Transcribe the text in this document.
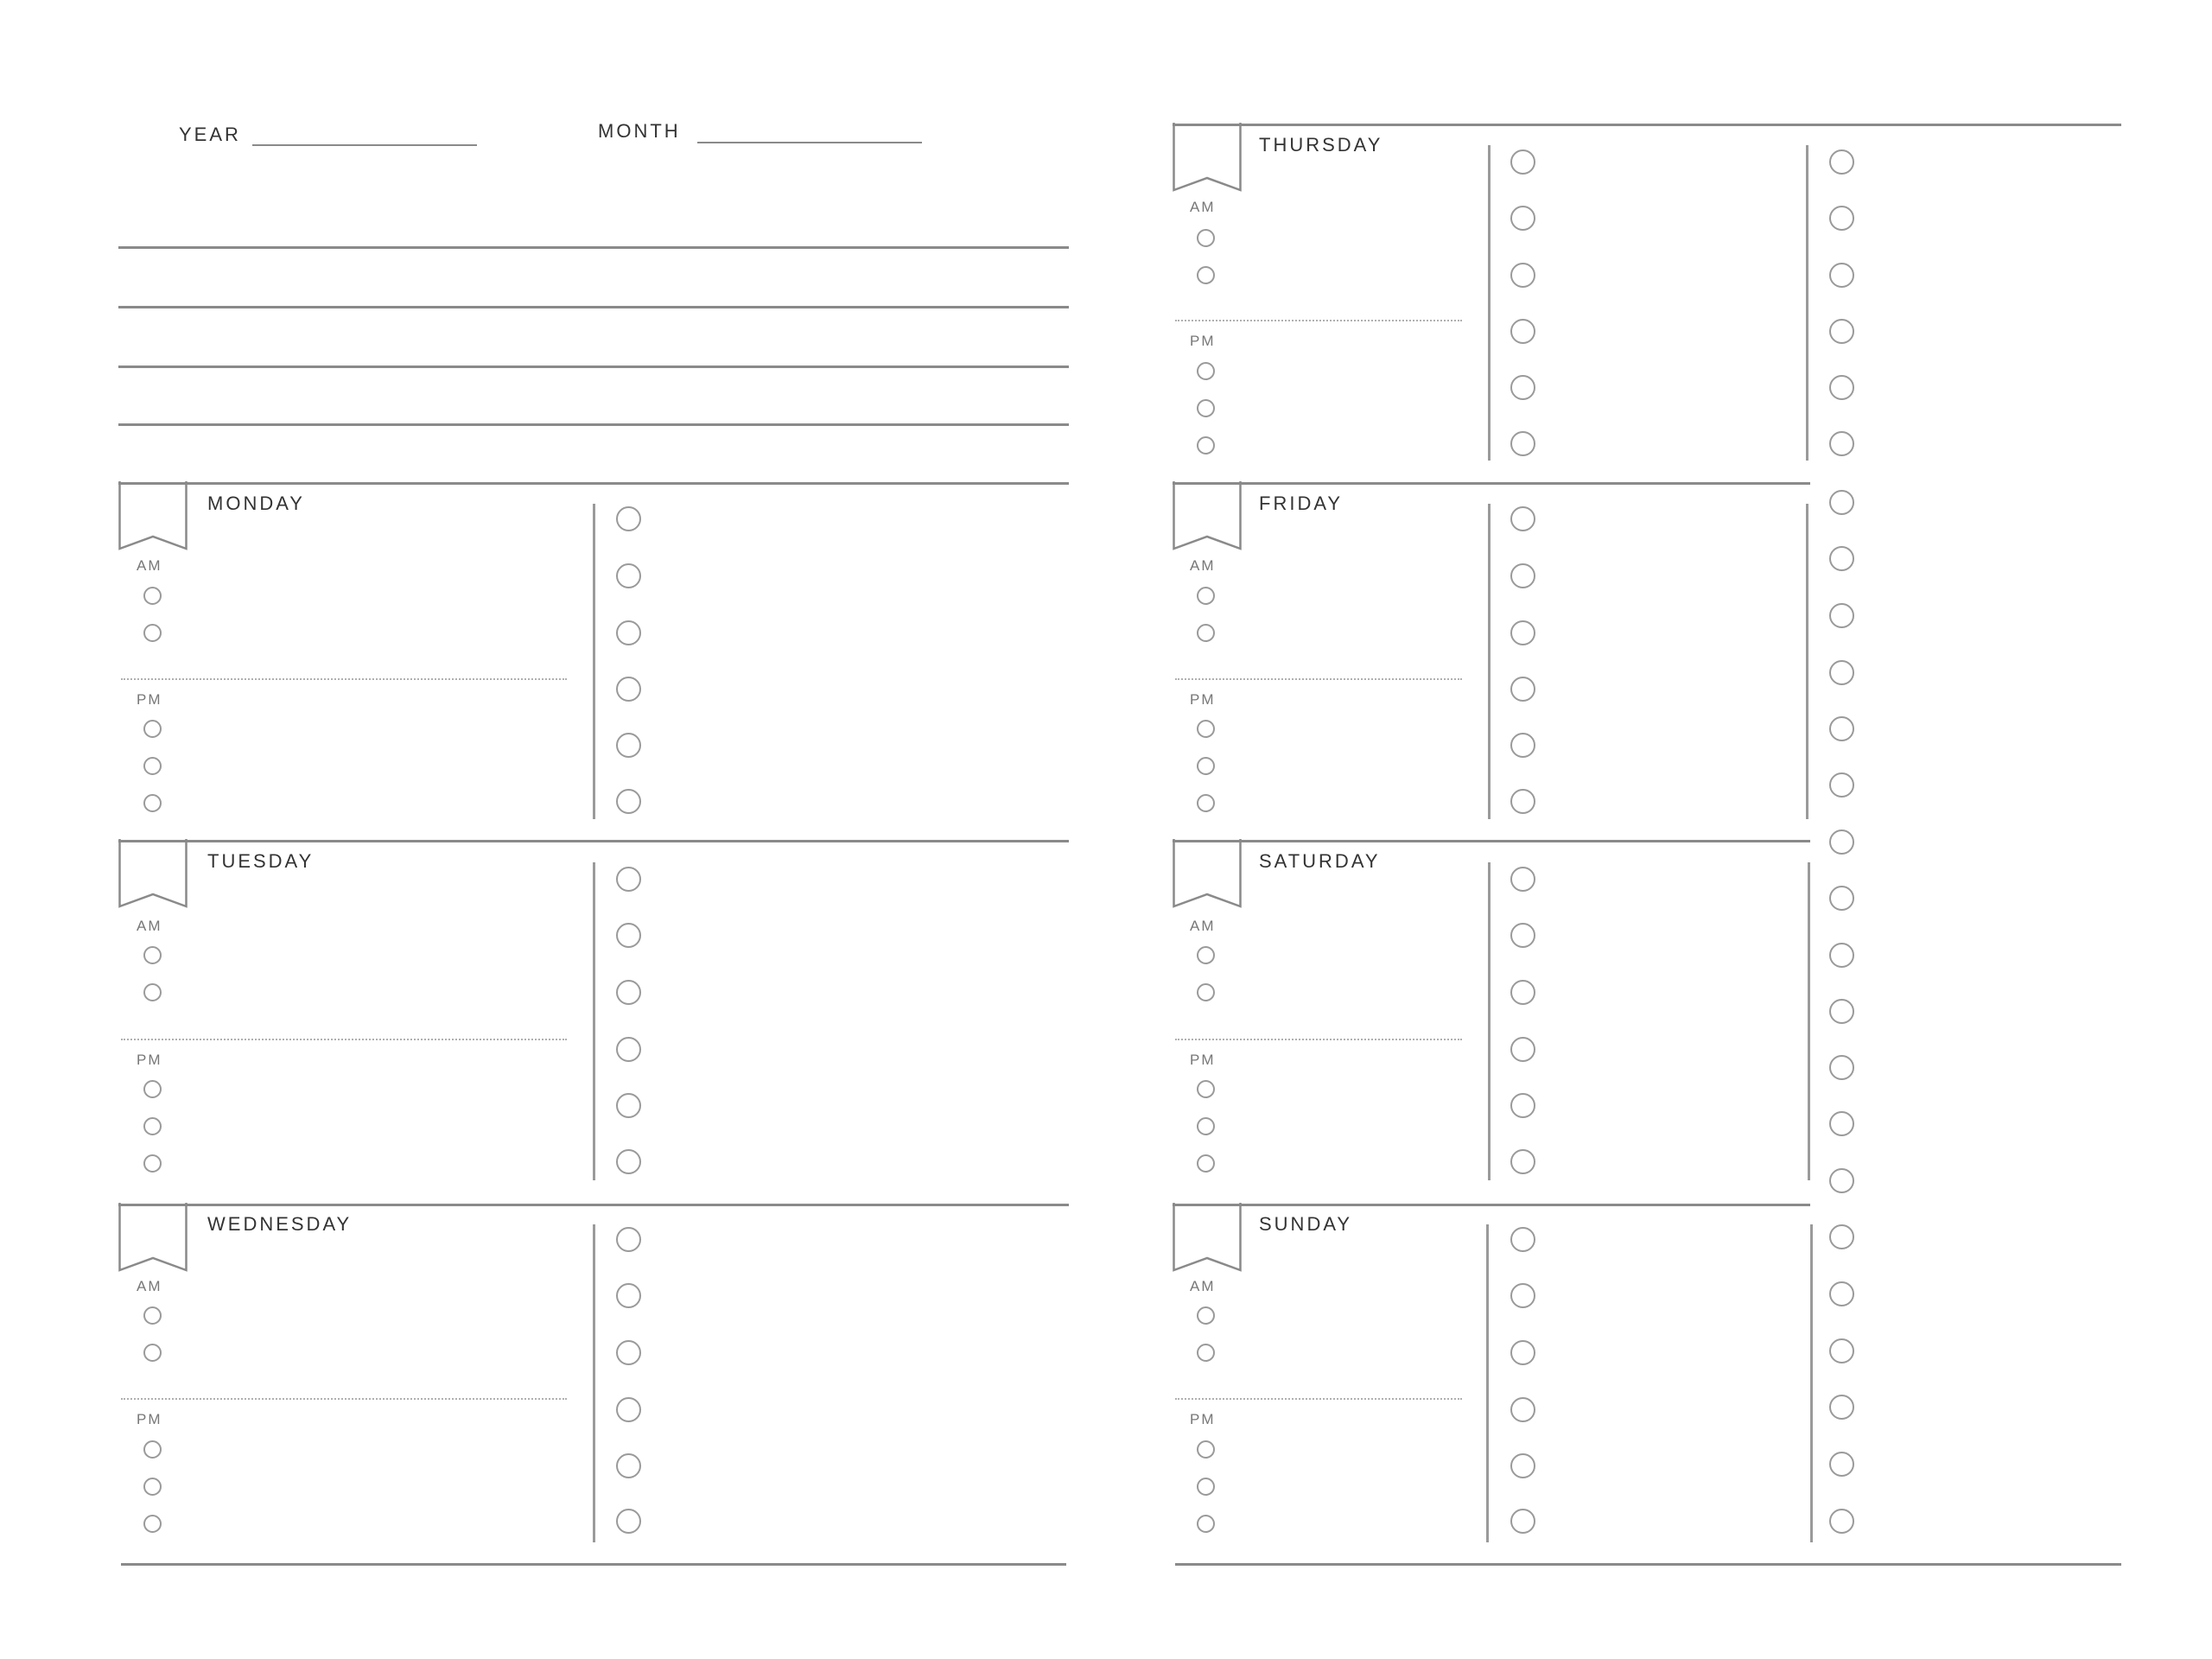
YEAR	MONTH
MONDAY
AM
PM
TUESDAY
AM
PM
WEDNESDAY
AM
PM
THURSDAY
AM
PM
FRIDAY
AM
PM
SATURDAY
AM
PM
SUNDAY
AM
PM
